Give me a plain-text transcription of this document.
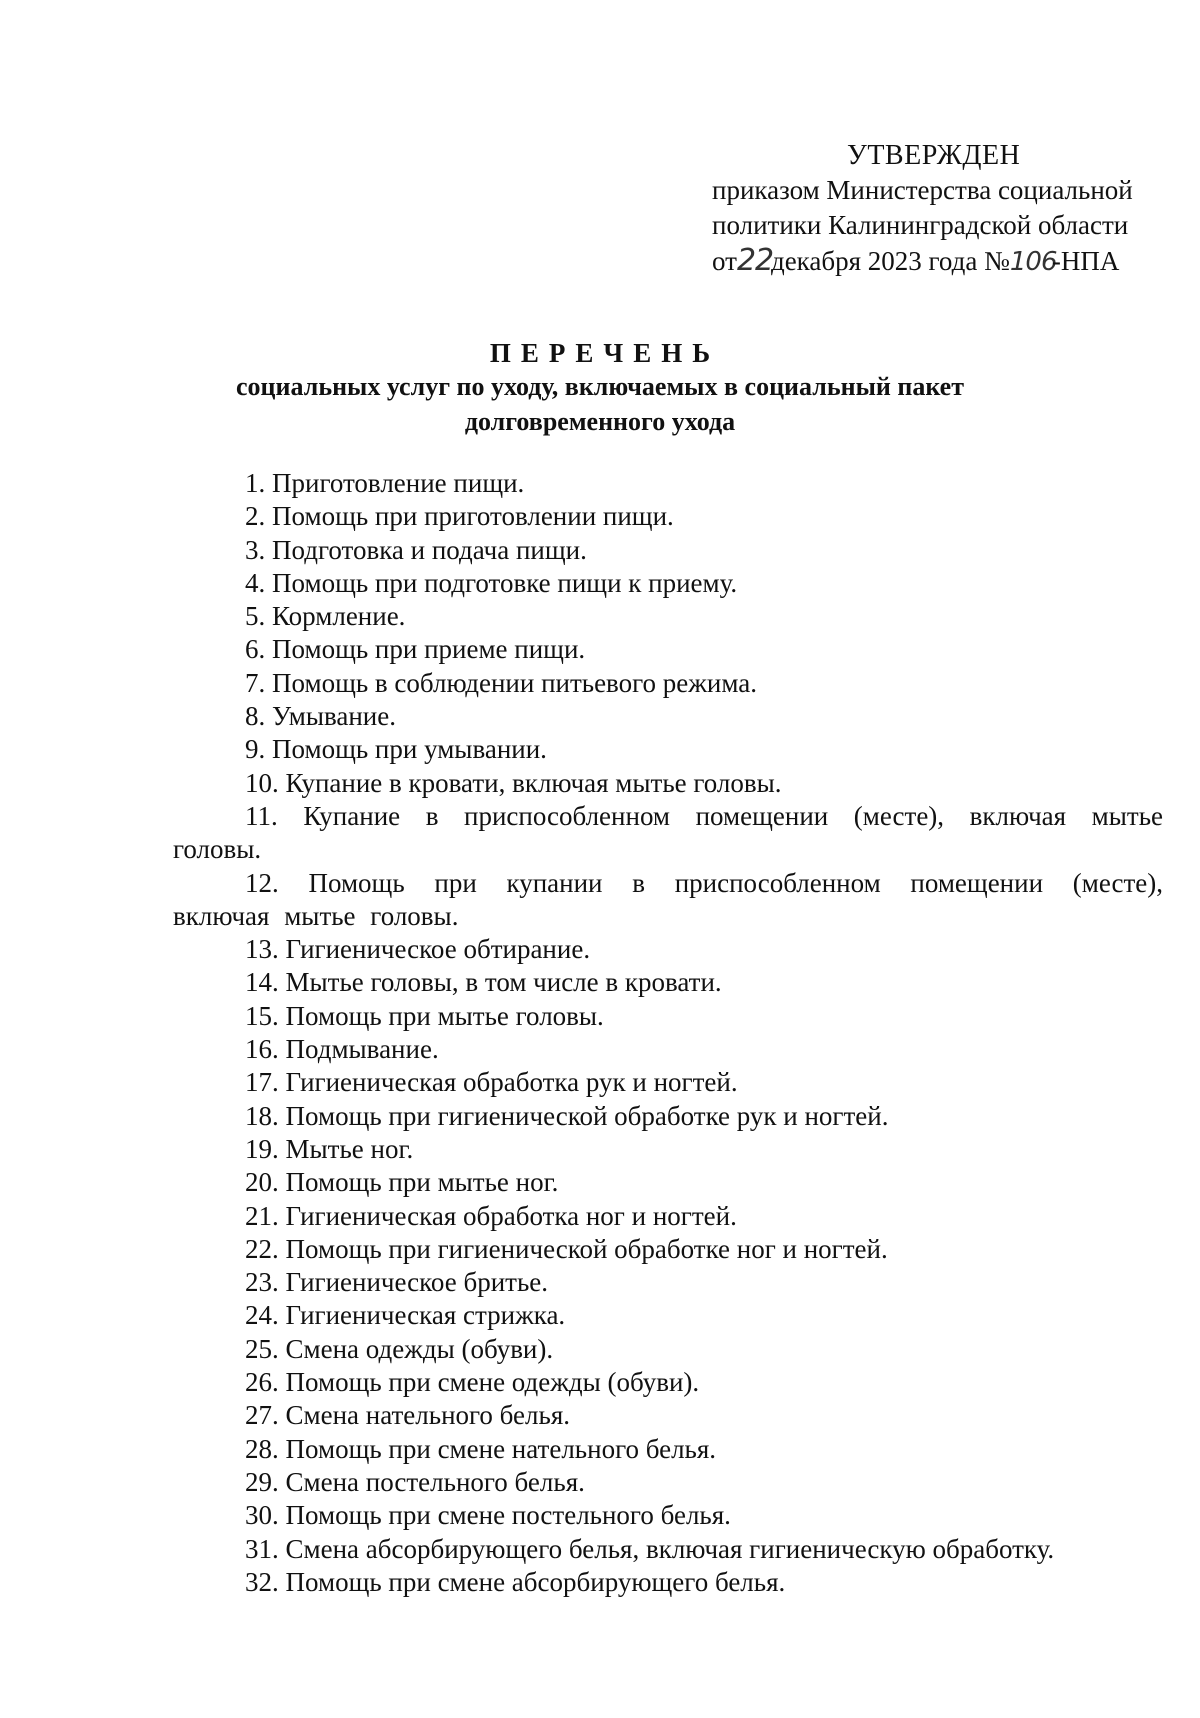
УТВЕРЖДЕН
приказом Министерства социальной
политики Калининградской области
от22декабря 2023 года №106-НПА
ПЕРЕЧЕНЬ
социальных услуг по уходу, включаемых в социальный пакет
долговременного ухода
1. Приготовление пищи.
2. Помощь при приготовлении пищи.
3. Подготовка и подача пищи.
4. Помощь при подготовке пищи к приему.
5. Кормление.
6. Помощь при приеме пищи.
7. Помощь в соблюдении питьевого режима.
8. Умывание.
9. Помощь при умывании.
10. Купание в кровати, включая мытье головы.
11. Купание в приспособленном помещении (месте), включая мытье головы.
12. Помощь при купании в приспособленном помещении (месте), включая мытье головы.
13. Гигиеническое обтирание.
14. Мытье головы, в том числе в кровати.
15. Помощь при мытье головы.
16. Подмывание.
17. Гигиеническая обработка рук и ногтей.
18. Помощь при гигиенической обработке рук и ногтей.
19. Мытье ног.
20. Помощь при мытье ног.
21. Гигиеническая обработка ног и ногтей.
22. Помощь при гигиенической обработке ног и ногтей.
23. Гигиеническое бритье.
24. Гигиеническая стрижка.
25. Смена одежды (обуви).
26. Помощь при смене одежды (обуви).
27. Смена нательного белья.
28. Помощь при смене нательного белья.
29. Смена постельного белья.
30. Помощь при смене постельного белья.
31. Смена абсорбирующего белья, включая гигиеническую обработку.
32. Помощь при смене абсорбирующего белья.
